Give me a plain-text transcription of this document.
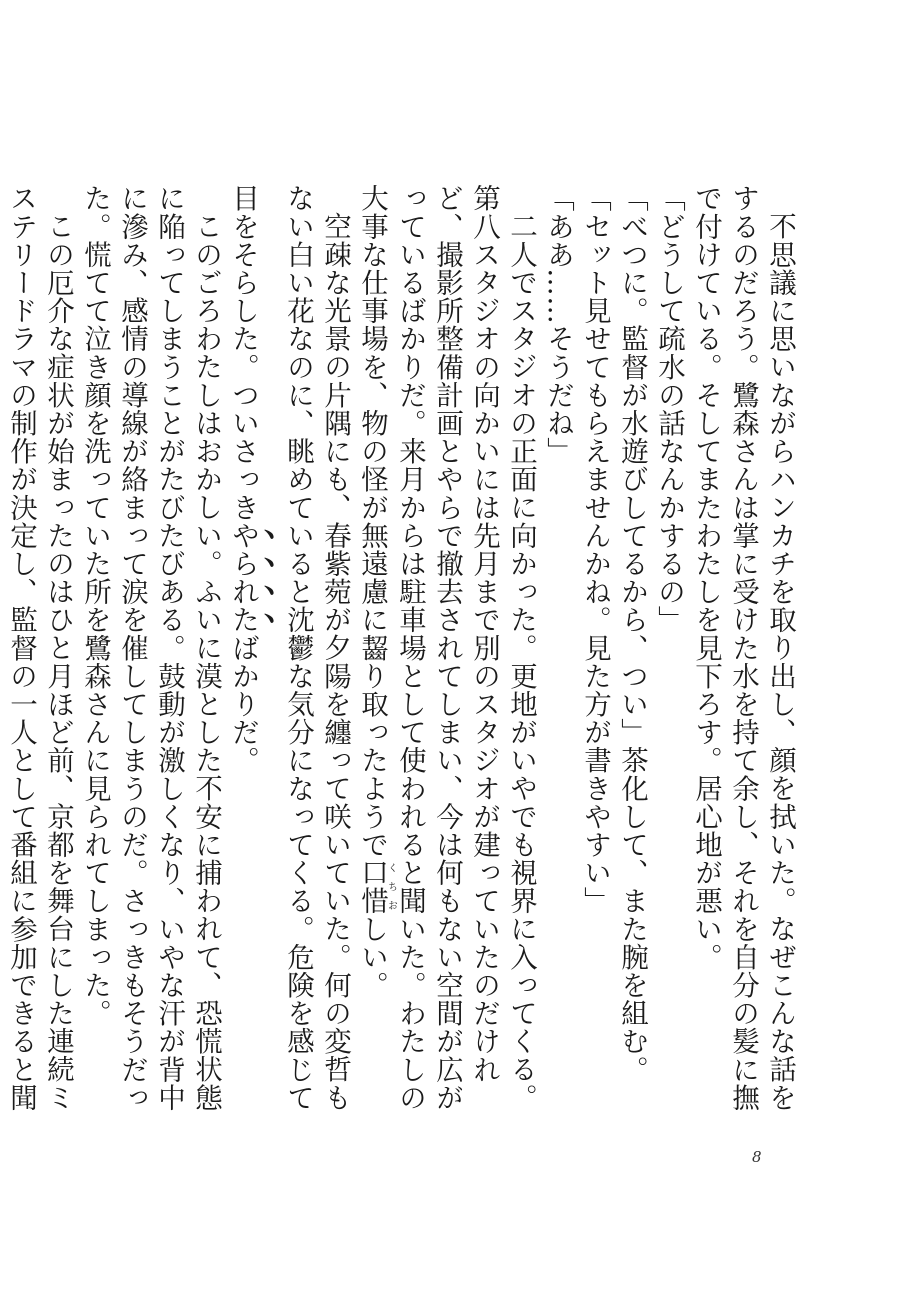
不思議に思いながらハンカチを取り出し、顔を拭いた。なぜこんな話をするのだろう。鷺森さんは掌に受けた水を持て余し、それを自分の髪に撫で付けている。そしてまたわたしを見下ろす。居心地が悪い。

「どうして疏水の話なんかするの」

「べつに。監督が水遊びしてるから、つい」茶化して、また腕を組む。「セット見せてもらえませんかね。見た方が書きやすい」

「ああ……そうだね」

二人でスタジオの正面に向かった。更地がいやでも視界に入ってくる。第八スタジオの向かいには先月まで別のスタジオが建っていたのだけれど、撮影所整備計画とやらで撤去されてしまい、今は何もない空間が広がっているばかりだ。来月からは駐車場として使われると聞いた。わたしの大事な仕事場を、物の怪が無遠慮に齧り取ったようで口惜くちおしい。

空疎な光景の片隅にも、春紫菀が夕陽を纏って咲いていた。何の変哲もない白い花なのに、眺めていると沈鬱な気分になってくる。危険を感じて目をそらした。ついさっきやられたばかりだ。

このごろわたしはおかしい。ふいに漠とした不安に捕われて、恐慌状態に陥ってしまうことがたびたびある。鼓動が激しくなり、いやな汗が背中に滲み、感情の導線が絡まって涙を催してしまうのだ。さっきもそうだった。慌てて泣き顔を洗っていた所を鷺森さんに見られてしまった。

この厄介な症状が始まったのはひと月ほど前、京都を舞台にした連続ミステリードラマの制作が決定し、監督の一人として番組に参加できると聞

8
